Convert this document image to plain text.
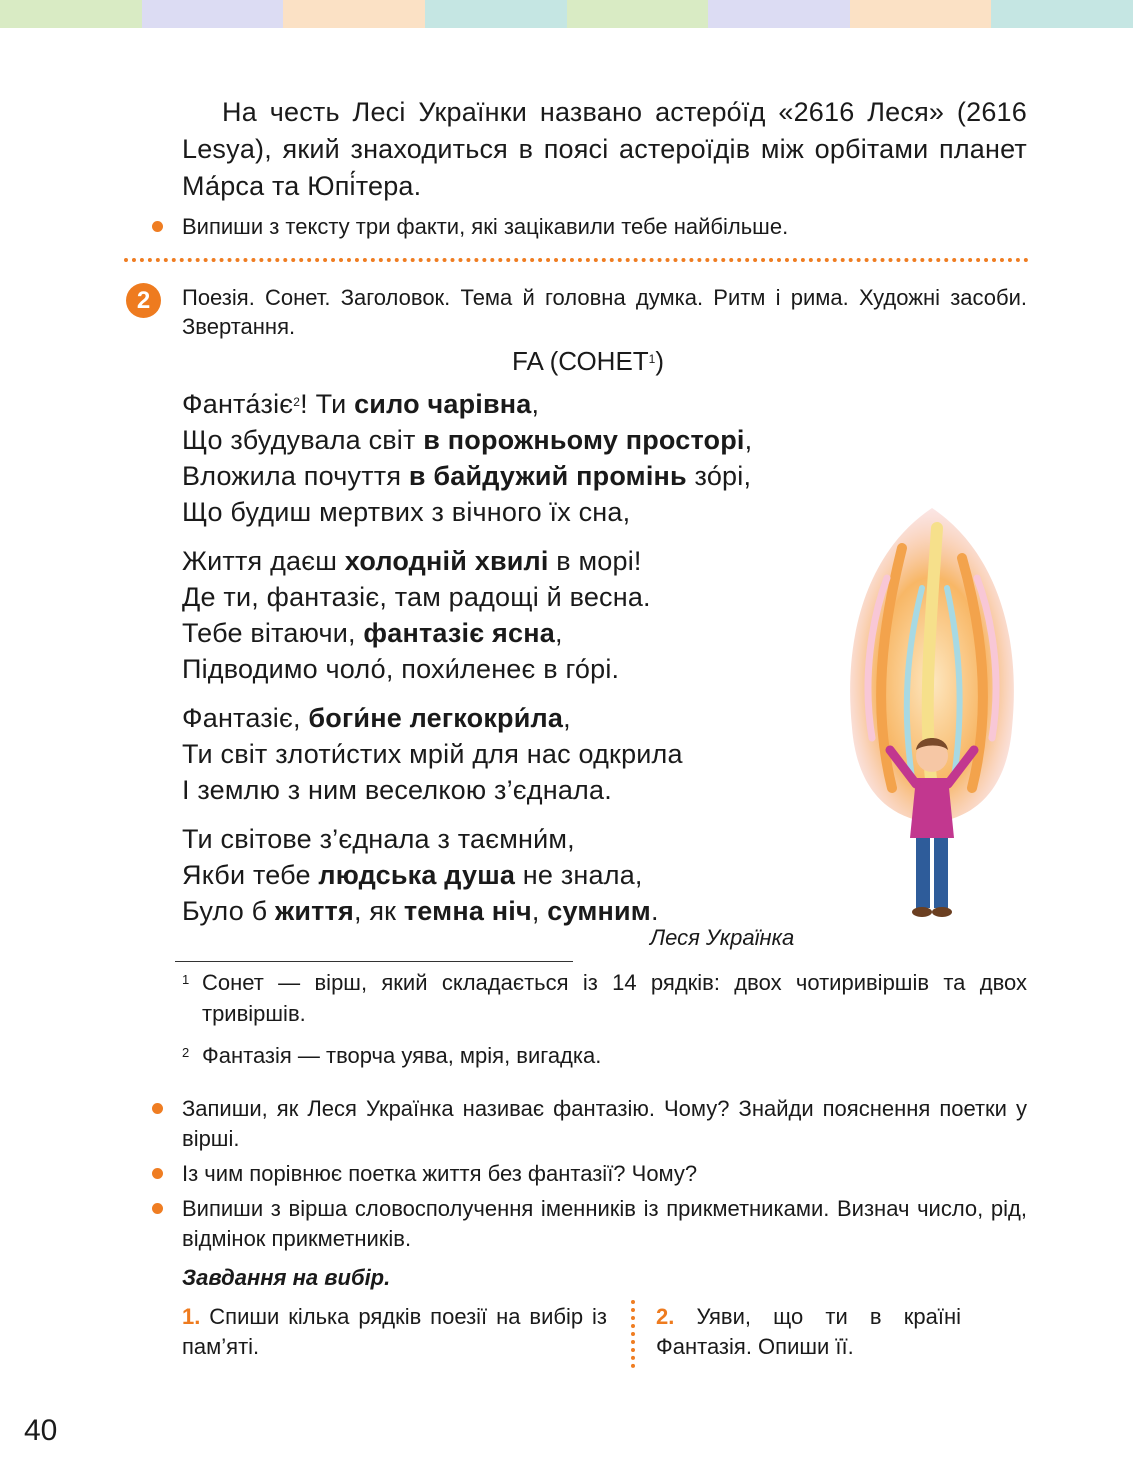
На честь Лесі Українки названо астеро́їд «2616 Леся» (2616 Lesya), який знаходиться в поясі астероїдів між орбітами планет Ма́рса та Юпі́тера.

Випиши з тексту три факти, які зацікавили тебе найбільше.
2	Поезія. Сонет. Заголовок. Тема й головна думка. Ритм і рима. Художні засоби. Звертання.
FA (СОНЕТ$^1$)
Фанта́зіє$^2$! Ти сило чарівна,
Що збудувала світ в порожньому просторі,
Вложила почуття в байдужий промінь зо́рі,
Що будиш мертвих з вічного їх сна,
Життя даєш холодній хвилі в морі!
Де ти, фантазіє, там радощі й весна.
Тебе вітаючи, фантазіє ясна,
Підводимо чоло́, похи́ленеє в го́рі.
Фантазіє, боги́не легкокри́ла,
Ти світ злоти́стих мрій для нас одкрила
І землю з ним веселкою з’єднала.
Ти світове з’єднала з таємни́м,
Якби тебе людська душа не знала,
Було б життя, як темна ніч, сумним.
Леся Українка
1 Сонет — вірш, який складається із 14 рядків: двох чотиривіршів та двох тривіршів.
2 Фантазія — творча уява, мрія, вигадка.
Запиши, як Леся Українка називає фантазію. Чому? Знайди пояснення поетки у вірші.
Із чим порівнює поетка життя без фантазії? Чому?
Випиши з вірша словосполучення іменників із прикметниками. Визнач число, рід, відмінок прикметників.
Завдання на вибір.
1. Спиши кілька рядків поезії на вибір із пам’яті.
2. Уяви, що ти в країні Фантазія. Опиши її.
40
